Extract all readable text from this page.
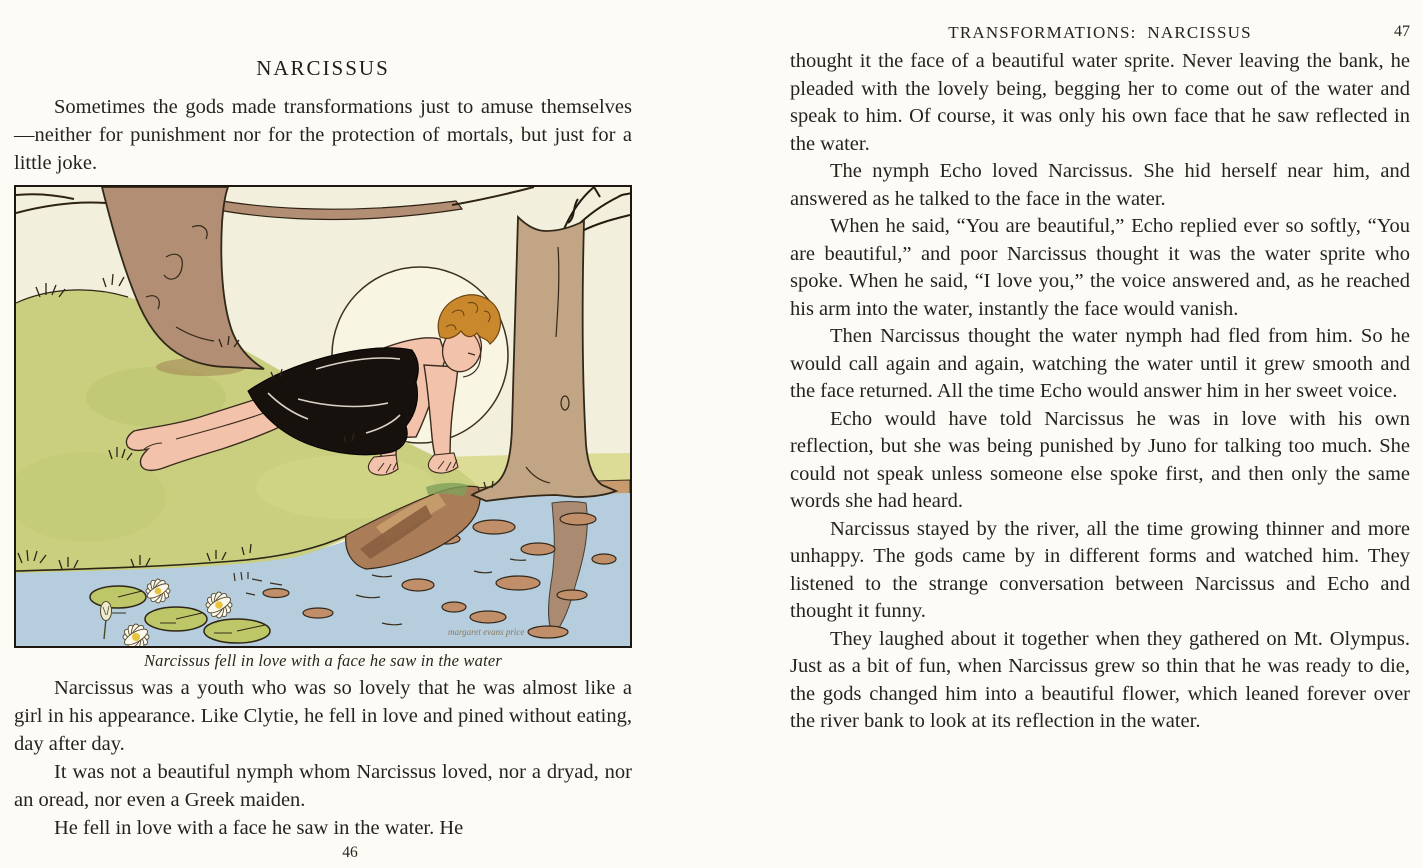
NARCISSUS

Sometimes the gods made transformations just to amuse themselves—neither for punishment nor for the protection of mortals, but just for a little joke.

margaret evans price
Narcissus fell in love with a face he saw in the water

Narcissus was a youth who was so lovely that he was almost like a girl in his appearance. Like Clytie, he fell in love and pined without eating, day after day.

It was not a beautiful nymph whom Narcissus loved, nor a dryad, nor an oread, nor even a Greek maiden.

He fell in love with a face he saw in the water. He

46
TRANSFORMATIONS:  NARCISSUS	47

thought it the face of a beautiful water sprite. Never leaving the bank, he pleaded with the lovely being, begging her to come out of the water and speak to him. Of course, it was only his own face that he saw reflected in the water.

The nymph Echo loved Narcissus. She hid herself near him, and answered as he talked to the face in the water.

When he said, “You are beautiful,” Echo replied ever so softly, “You are beautiful,” and poor Narcissus thought it was the water sprite who spoke. When he said, “I love you,” the voice answered and, as he reached his arm into the water, instantly the face would vanish.

Then Narcissus thought the water nymph had fled from him. So he would call again and again, watching the water until it grew smooth and the face returned. All the time Echo would answer him in her sweet voice.

Echo would have told Narcissus he was in love with his own reflection, but she was being punished by Juno for talking too much. She could not speak unless someone else spoke first, and then only the same words she had heard.

Narcissus stayed by the river, all the time growing thinner and more unhappy. The gods came by in different forms and watched him. They listened to the strange conversation between Narcissus and Echo and thought it funny.

They laughed about it together when they gathered on Mt. Olympus. Just as a bit of fun, when Narcissus grew so thin that he was ready to die, the gods changed him into a beautiful flower, which leaned forever over the river bank to look at its reflection in the water.
